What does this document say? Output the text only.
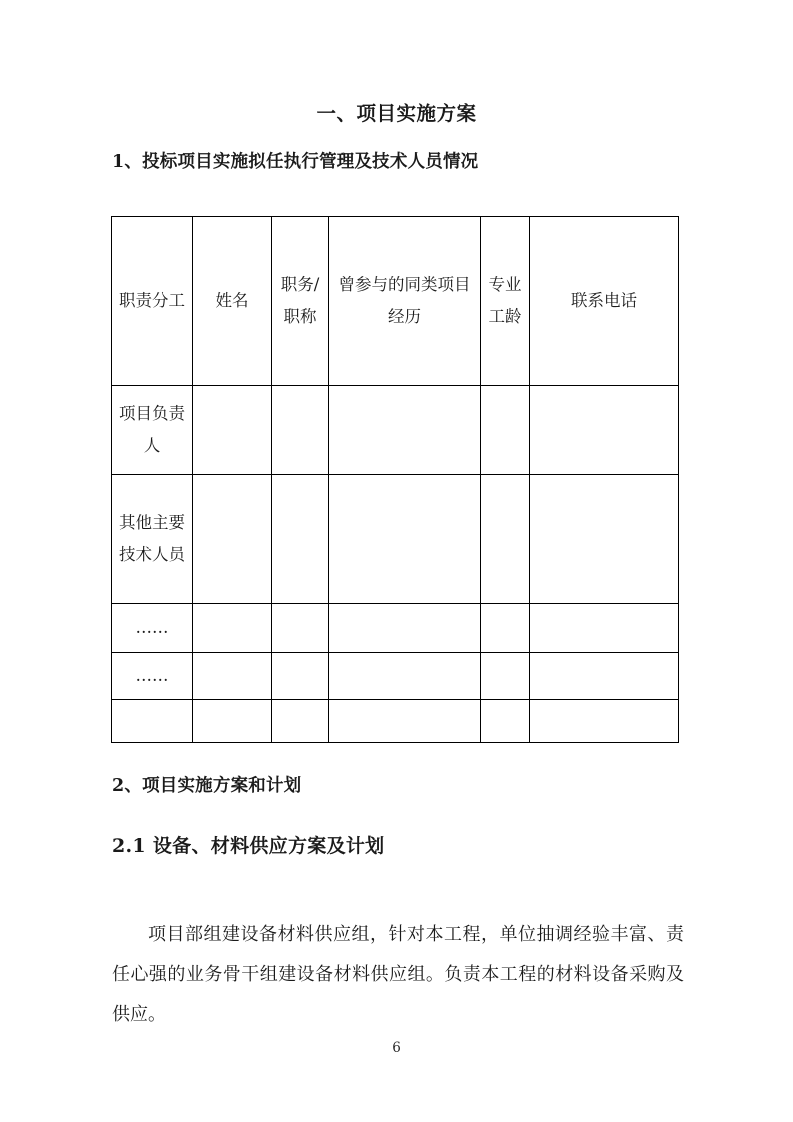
一、项目实施方案
1、投标项目实施拟任执行管理及技术人员情况
职责分工	姓名	职务/职称	曾参与的同类项目经历	专业工龄	联系电话
项目负责人					
其他主要技术人员					
……					
……					

2、项目实施方案和计划
2.1 设备、材料供应方案及计划

项目部组建设备材料供应组，针对本工程，单位抽调经验丰富、责任心强的业务骨干组建设备材料供应组。负责本工程的材料设备采购及供应。

6
